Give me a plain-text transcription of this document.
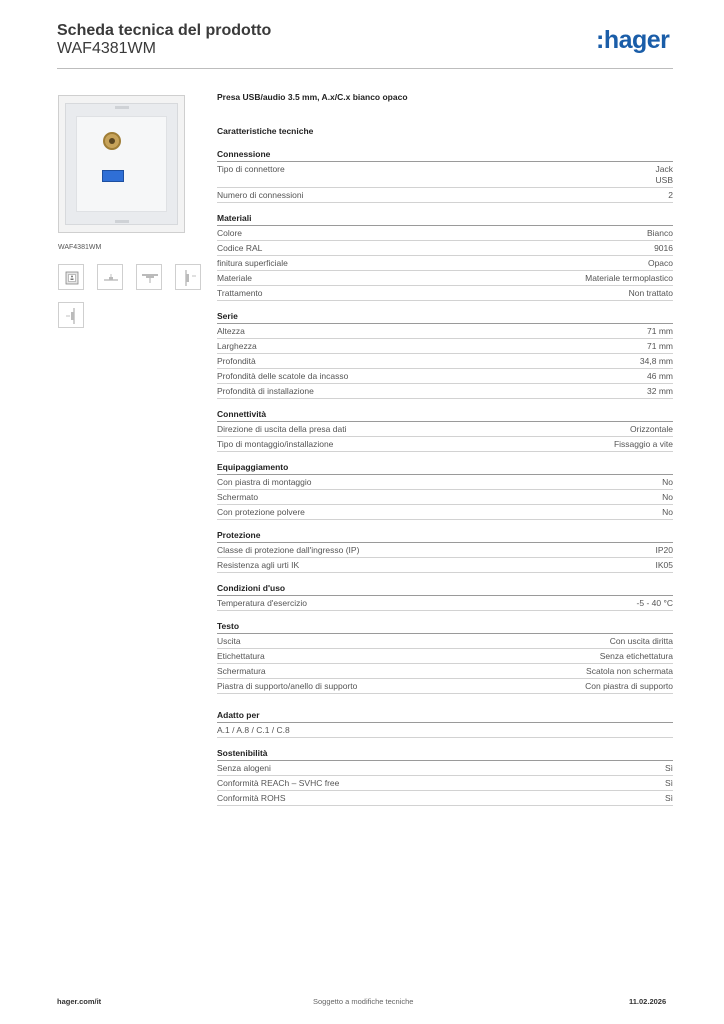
Scheda tecnica del prodotto
WAF4381WM	:hager
WAF4381WM
Presa USB/audio 3.5 mm, A.x/C.x bianco opaco
Caratteristiche tecniche
Connessione
Tipo di connettore	Jack
USB
Numero di connessioni	2
Materiali
Colore	Bianco
Codice RAL	9016
finitura superficiale	Opaco
Materiale	Materiale termoplastico
Trattamento	Non trattato
Serie
Altezza	71 mm
Larghezza	71 mm
Profondità	34,8 mm
Profondità delle scatole da incasso	46 mm
Profondità di installazione	32 mm
Connettività
Direzione di uscita della presa dati	Orizzontale
Tipo di montaggio/installazione	Fissaggio a vite
Equipaggiamento
Con piastra di montaggio	No
Schermato	No
Con protezione polvere	No
Protezione
Classe di protezione dall'ingresso (IP)	IP20
Resistenza agli urti IK	IK05
Condizioni d'uso
Temperatura d'esercizio	-5 - 40 °C
Testo
Uscita	Con uscita diritta
Etichettatura	Senza etichettatura
Schermatura	Scatola non schermata
Piastra di supporto/anello di supporto	Con piastra di supporto
Adatto per
A.1 / A.8 / C.1 / C.8
Sostenibilità
Senza alogeni	Sì
Conformità REACh – SVHC free	Sì
Conformità ROHS	Sì
hager.com/it	Soggetto a modifiche tecniche	11.02.2026
